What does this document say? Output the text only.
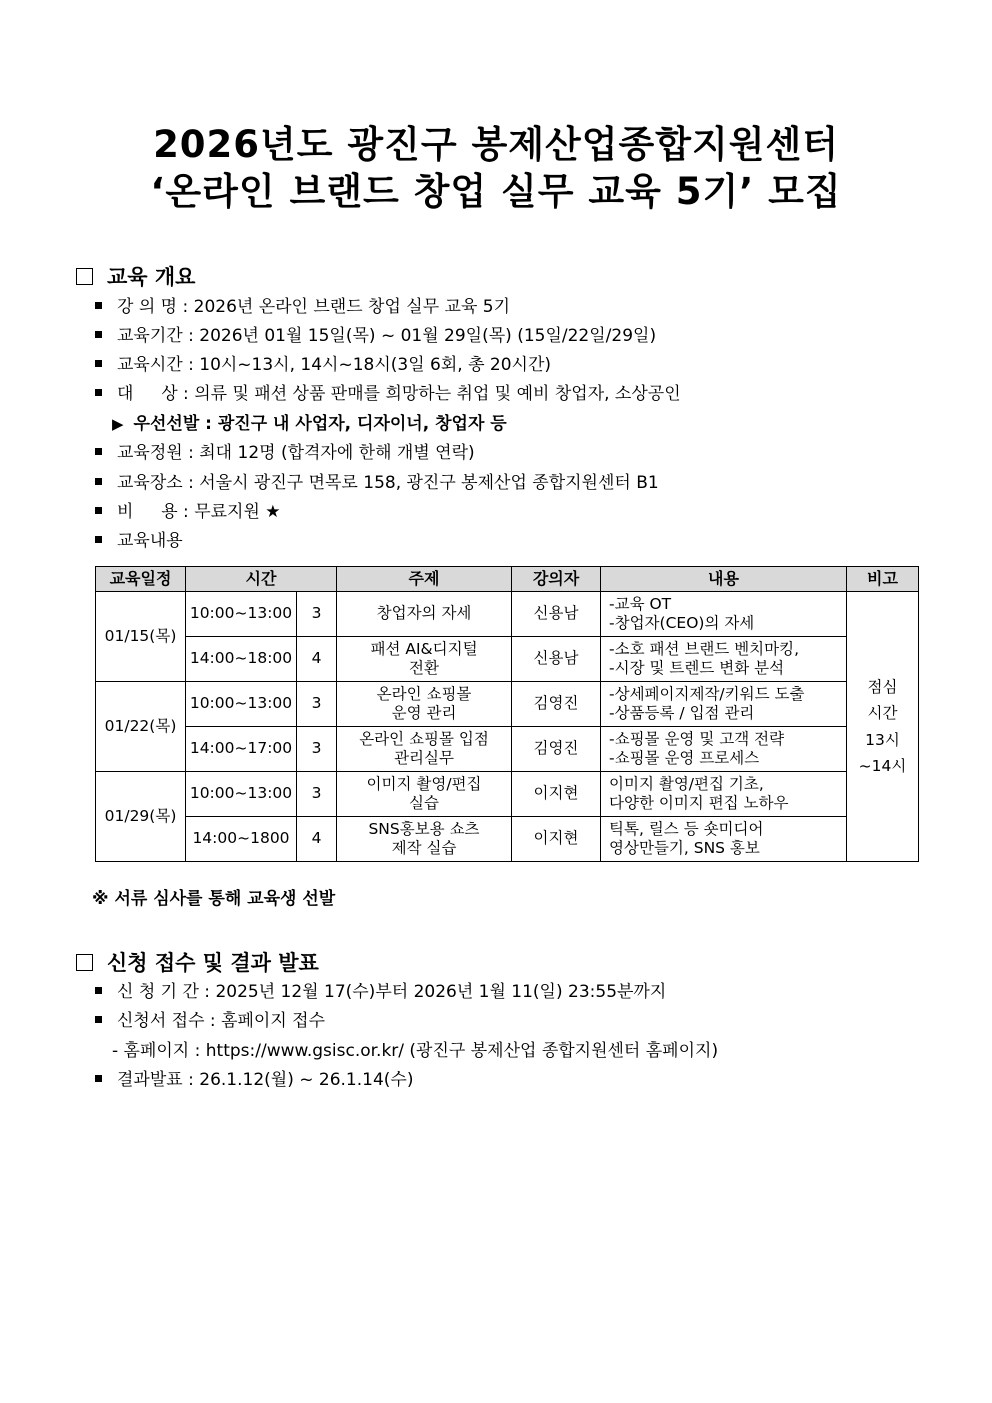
2026년도 광진구 봉제산업종합지원센터
‘온라인 브랜드 창업 실무 교육 5기’ 모집
교육 개요
강 의 명 : 2026년 온라인 브랜드 창업 실무 교육 5기
교육기간 : 2026년 01월 15일(목) ~ 01월 29일(목) (15일/22일/29일)
교육시간 : 10시~13시, 14시~18시(3일 6회, 총 20시간)
대 　 상 : 의류 및 패션 상품 판매를 희망하는 취업 및 예비 창업자, 소상공인
▶ 우선선발 : 광진구 내 사업자, 디자이너, 창업자 등
교육정원 : 최대 12명 (합격자에 한해 개별 연락)
교육장소 : 서울시 광진구 면목로 158, 광진구 봉제산업 종합지원센터 B1
비 　 용 : 무료지원 ★
교육내용
교육일정	시간		주제	강의자	내용	비고
01/15(목)	10:00~13:00	3	창업자의 자세	신용남	-교육 OT
-창업자(CEO)의 자세	점심
시간
13시
~14시

	14:00~18:00	4	패션 AI&디지털
전환	신용남	-소호 패션 브랜드 벤치마킹,
-시장 및 트렌드 변화 분석	

01/22(목)	10:00~13:00	3	온라인 쇼핑몰
운영 관리	김영진	-상세페이지제작/키워드 도출
-상품등록 / 입점 관리	

	14:00~17:00	3	온라인 쇼핑몰 입점
관리실무	김영진	-쇼핑몰 운영 및 고객 전략
-쇼핑몰 운영 프로세스	

01/29(목)	10:00~13:00	3	이미지 촬영/편집
실습	이지현	이미지 촬영/편집 기초,
다양한 이미지 편집 노하우	

	14:00~1800	4	SNS홍보용 쇼츠
제작 실습	이지현	틱톡, 릴스 등 숏미디어
영상만들기, SNS 홍보	
※ 서류 심사를 통해 교육생 선발
신청 접수 및 결과 발표
신 청 기 간 : 2025년 12월 17(수)부터 2026년 1월 11(일) 23:55분까지
신청서 접수 : 홈페이지 접수
- 홈페이지 : https://www.gsisc.or.kr/ (광진구 봉제산업 종합지원센터 홈페이지)
결과발표 : 26.1.12(월) ~ 26.1.14(수)
